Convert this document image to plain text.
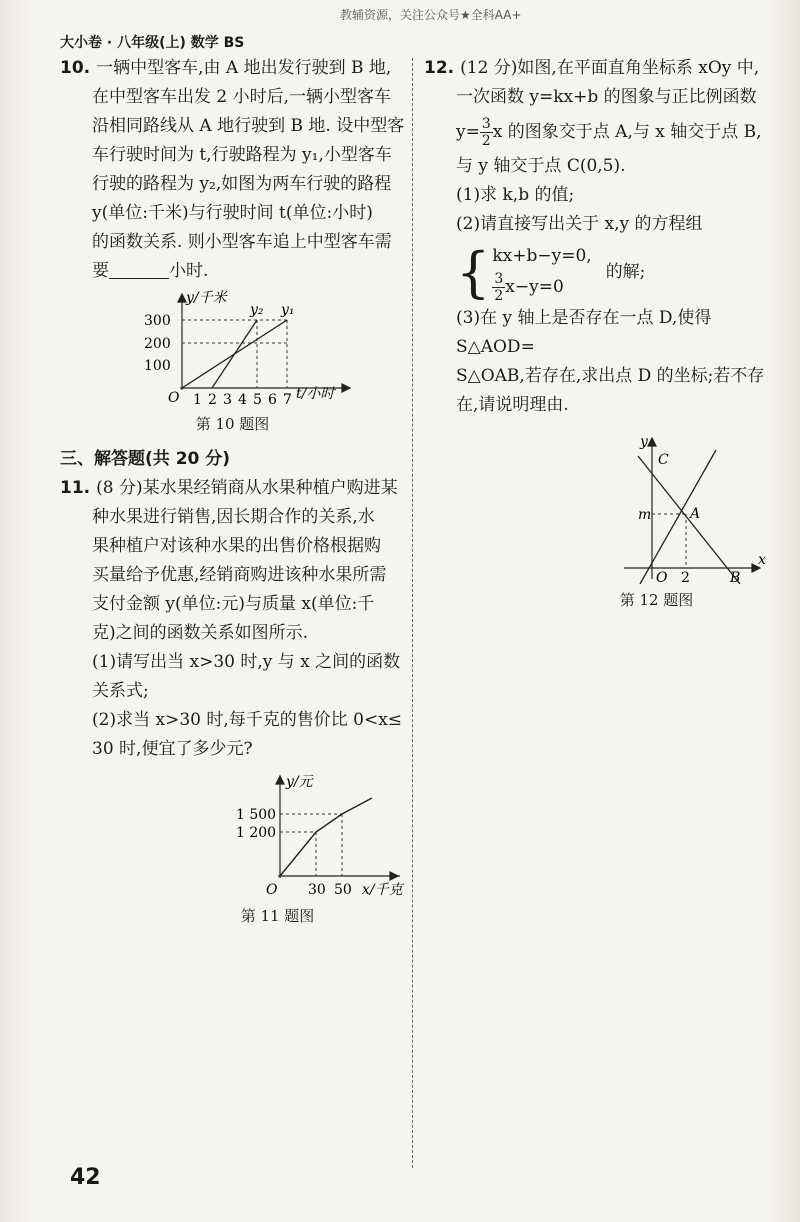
教辅资源，关注公众号★全科AA+
大小卷 · 八年级(上) 数学 BS

10. 一辆中型客车,由 A 地出发行驶到 B 地,

在中型客车出发 2 小时后,一辆小型客车

沿相同路线从 A 地行驶到 B 地. 设中型客

车行驶时间为 t,行驶路程为 y₁,小型客车

行驶的路程为 y₂,如图为两车行驶的路程

y(单位:千米)与行驶时间 t(单位:小时)

的函数关系. 则小型客车追上中型客车需

要	小时.

y/千米
t/小时
O
300
200
100
1 2 3 4 5 6 7
y₂ y₁
第 10 题图

三、解答题(共 20 分)

11. (8 分)某水果经销商从水果种植户购进某

种水果进行销售,因长期合作的关系,水

果种植户对该种水果的出售价格根据购

买量给予优惠,经销商购进该种水果所需

支付金额 y(单位:元)与质量 x(单位:千

克)之间的函数关系如图所示.

(1)请写出当 x>30 时,y 与 x 之间的函数

关系式;

(2)求当 x>30 时,每千克的售价比 0<x≤

30 时,便宜了多少元?

y/元
x/千克
O
1 500
1 200
30 50
第 11 题图

12. (12 分)如图,在平面直角坐标系 xOy 中,

一次函数 y=kx+b 的图象与正比例函数

$y= \frac{3}{2}$ x 的图象交于点 A,与 x 轴交于点 B,

与 y 轴交于点 C(0,5).

(1)求 k,b 的值;

(2)请直接写出关于 x,y 的方程组

{ kx+b−y=0,
$\frac{3}{2} x-y=0$
的解;

(3)在 y 轴上是否存在一点 D,使得 S△AOD=

S△OAB,若存在,求出点 D 的坐标;若不存

在,请说明理由.

C
A
B
m
O 2
y
x
第 12 题图
42
